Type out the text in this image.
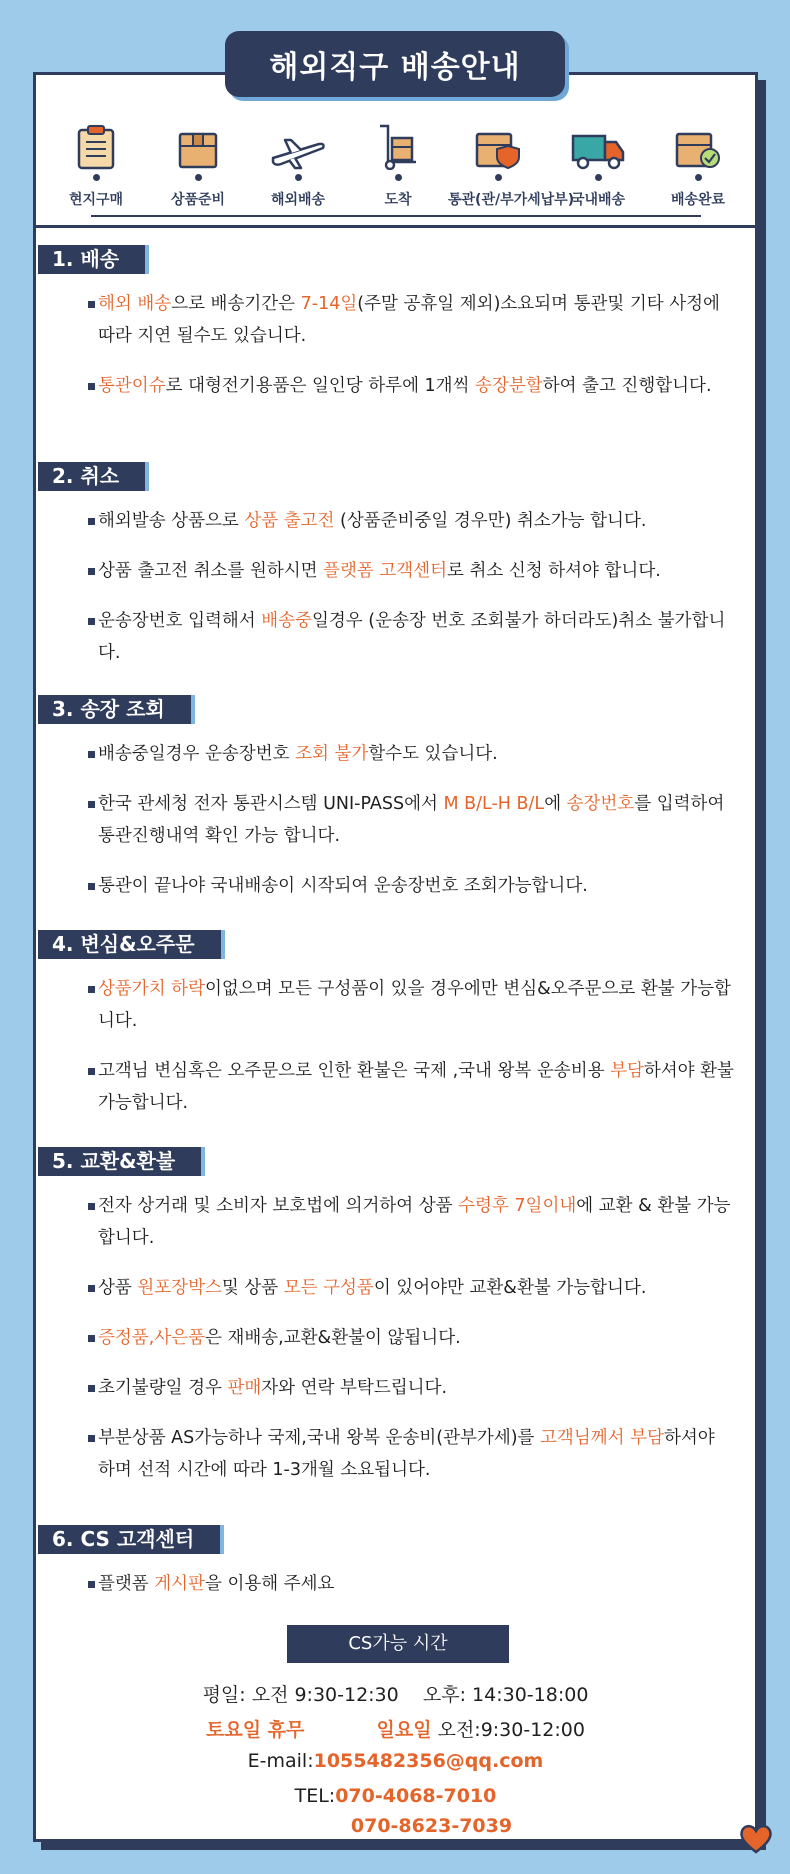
해외직구 배송안내
현지구매	상품준비	해외배송	도착	통관(관/부가세납부)
국내배송	배송완료
1. 배송
해외 배송으로 배송기간은 7-14일(주말 공휴일 제외)소요되며 통관및 기타 사정에 따라 지연 될수도 있습니다.
통관이슈로 대형전기용품은 일인당 하루에 1개씩 송장분할하여 출고 진행합니다.
2. 취소
해외발송 상품으로 상품 출고전 (상품준비중일 경우만) 취소가능 합니다.
상품 출고전 취소를 원하시면 플랫폼 고객센터로 취소 신청 하셔야 합니다.
운송장번호 입력해서 배송중일경우 (운송장 번호 조회불가 하더라도)취소 불가합니다.
3. 송장 조회
배송중일경우 운송장번호 조회 불가할수도 있습니다.
한국 관세청 전자 통관시스템 UNI-PASS에서 M B/L-H B/L에 송장번호를 입력하여 통관진행내역 확인 가능 합니다.
통관이 끝나야 국내배송이 시작되여 운송장번호 조회가능합니다.
4. 변심&오주문
상품가치 하락이없으며 모든 구성품이 있을 경우에만 변심&오주문으로 환불 가능합니다.
고객님 변심혹은 오주문으로 인한 환불은 국제 ,국내 왕복 운송비용 부담하셔야 환불가능합니다.
5. 교환&환불
전자 상거래 및 소비자 보호법에 의거하여 상품 수령후 7일이내에 교환 & 환불 가능합니다.
상품 원포장박스및 상품 모든 구성품이 있어야만 교환&환불 가능합니다.
증정품,사은품은 재배송,교환&환불이 않됩니다.
초기불량일 경우 판매자와 연락 부탁드립니다.
부분상품 AS가능하나 국제,국내 왕복 운송비(관부가세)를 고객님께서 부담하셔야 하며 선적 시간에 따라 1-3개월 소요됩니다.
6. CS 고객센터
플랫폼 게시판을 이용해 주세요
CS가능 시간
평일: 오전 9:30-12:30    오후: 14:30-18:00
토요일 휴무	일요일 오전:9:30-12:00
E-mail:1055482356@qq.com
TEL:070-4068-7010
070-8623-7039
